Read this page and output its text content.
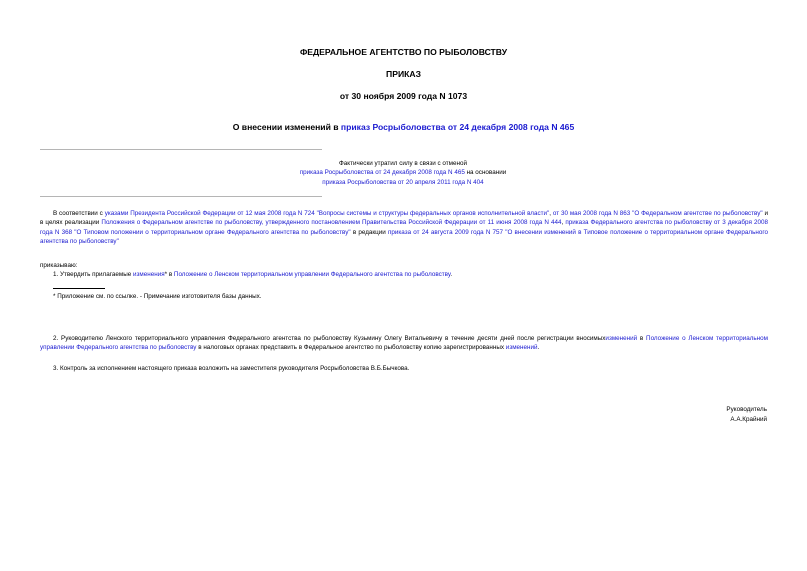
ФЕДЕРАЛЬНОЕ АГЕНТСТВО ПО РЫБОЛОВСТВУ
ПРИКАЗ
от 30 ноября 2009 года N 1073
О внесении изменений в приказ Росрыболовства от 24 декабря 2008 года N 465
Фактически утратил силу в связи с отменой
приказа Росрыболовства от 24 декабря 2008 года N 465 на основании
приказа Росрыболовства от 20 апреля 2011 года N 404
В соответствии с указами Президента Российской Федерации от 12 мая 2008 года N 724 "Вопросы системы и структуры федеральных органов исполнительной власти", от 30 мая 2008 года N 863 "О Федеральном агентстве по рыболовству" и в целях реализации Положения о Федеральном агентстве по рыболовству, утвержденного постановлением Правительства Российской Федерации от 11 июня 2008 года N 444, приказа Федерального агентства по рыболовству от 3 декабря 2008 года N 368 "О Типовом положении о территориальном органе Федерального агентства по рыболовству" в редакции приказа от 24 августа 2009 года N 757 "О внесении изменений в Типовое положение о территориальном органе Федерального агентства по рыболовству"
приказываю:
1. Утвердить прилагаемые изменения* в Положение о Ленском территориальном управлении Федерального агентства по рыболовству.
* Приложение см. по ссылке. - Примечание изготовителя базы данных.
2. Руководителю Ленского территориального управления Федерального агентства по рыболовству Кузьмину Олегу Витальевичу в течение десяти дней после регистрации вносимыхизменений в Положение о Ленском территориальном управлении Федерального агентства по рыболовству в налоговых органах представить в Федеральное агентство по рыболовству копию зарегистрированных изменений.
3. Контроль за исполнением настоящего приказа возложить на заместителя руководителя Росрыболовства В.Б.Бычкова.
Руководитель
А.А.Крайний
